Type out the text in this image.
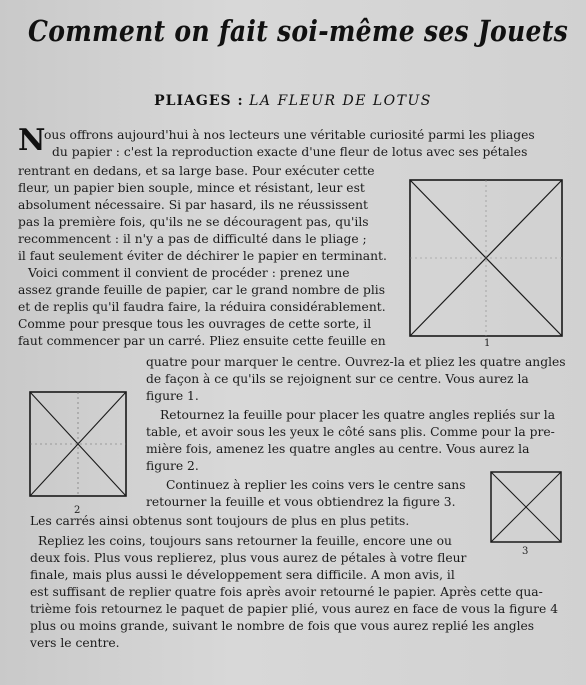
Comment on fait soi-même ses Jouets
PLIAGES : LA FLEUR DE LOTUS
N
ous offrons aujourd'hui à nos lecteurs une véritable curiosité parmi les pliages
du papier : c'est la reproduction exacte d'une fleur de lotus avec ses pétales
rentrant en dedans, et sa large base. Pour exécuter cette
fleur, un papier bien souple, mince et résistant, leur est
absolument nécessaire. Si par hasard, ils ne réussissent
pas la première fois, qu'ils ne se découragent pas, qu'ils
recommencent : il n'y a pas de difficulté dans le pliage ;
il faut seulement éviter de déchirer le papier en terminant.
Voici comment il convient de procéder : prenez une
assez grande feuille de papier, car le grand nombre de plis
et de replis qu'il faudra faire, la réduira considérablement.
Comme pour presque tous les ouvrages de cette sorte, il
faut commencer par un carré. Pliez ensuite cette feuille en
quatre pour marquer le centre. Ouvrez-la et pliez les quatre angles
de façon à ce qu'ils se rejoignent sur ce centre. Vous aurez la
figure 1.
Retournez la feuille pour placer les quatre angles repliés sur la
table, et avoir sous les yeux le côté sans plis. Comme pour la pre-
mière fois, amenez les quatre angles au centre. Vous aurez la
figure 2.
Continuez à replier les coins vers le centre sans
retourner la feuille et vous obtiendrez la figure 3.
Les carrés ainsi obtenus sont toujours de plus en plus petits.
Repliez les coins, toujours sans retourner la feuille, encore une ou
deux fois. Plus vous replierez, plus vous aurez de pétales à votre fleur
finale, mais plus aussi le développement sera difficile. A mon avis, il
est suffisant de replier quatre fois après avoir retourné le papier. Après cette qua-
trième fois retournez le paquet de papier plié, vous aurez en face de vous la figure 4
plus ou moins grande, suivant le nombre de fois que vous aurez replié les angles
vers le centre.
1
2
3
